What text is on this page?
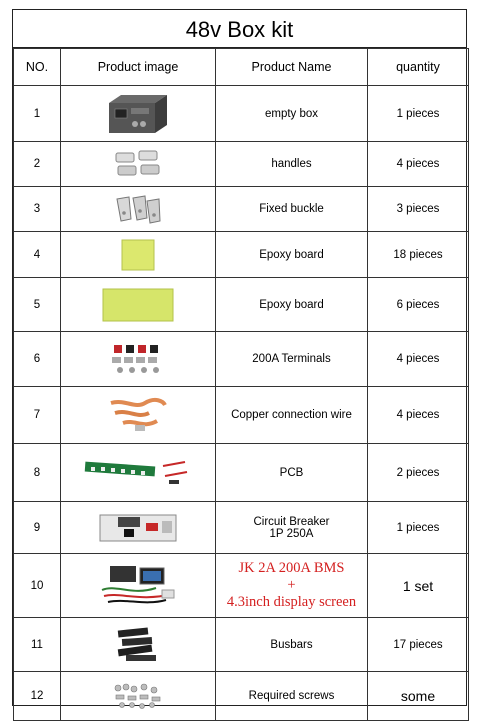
48v Box kit
NO.	Product image	Product Name	quantity
1		empty box	1 pieces
2		handles	4 pieces
3		Fixed buckle	3 pieces
4		Epoxy board	18 pieces
5		Epoxy board	6 pieces
6		200A Terminals	4 pieces
7		Copper connection wire	4 pieces
8		PCB	2 pieces
9		Circuit Breaker
1P 250A	1 pieces
10		JK 2A 200A BMS
+
4.3inch display screen	1 set
11		Busbars	17 pieces
12		Required screws	some
